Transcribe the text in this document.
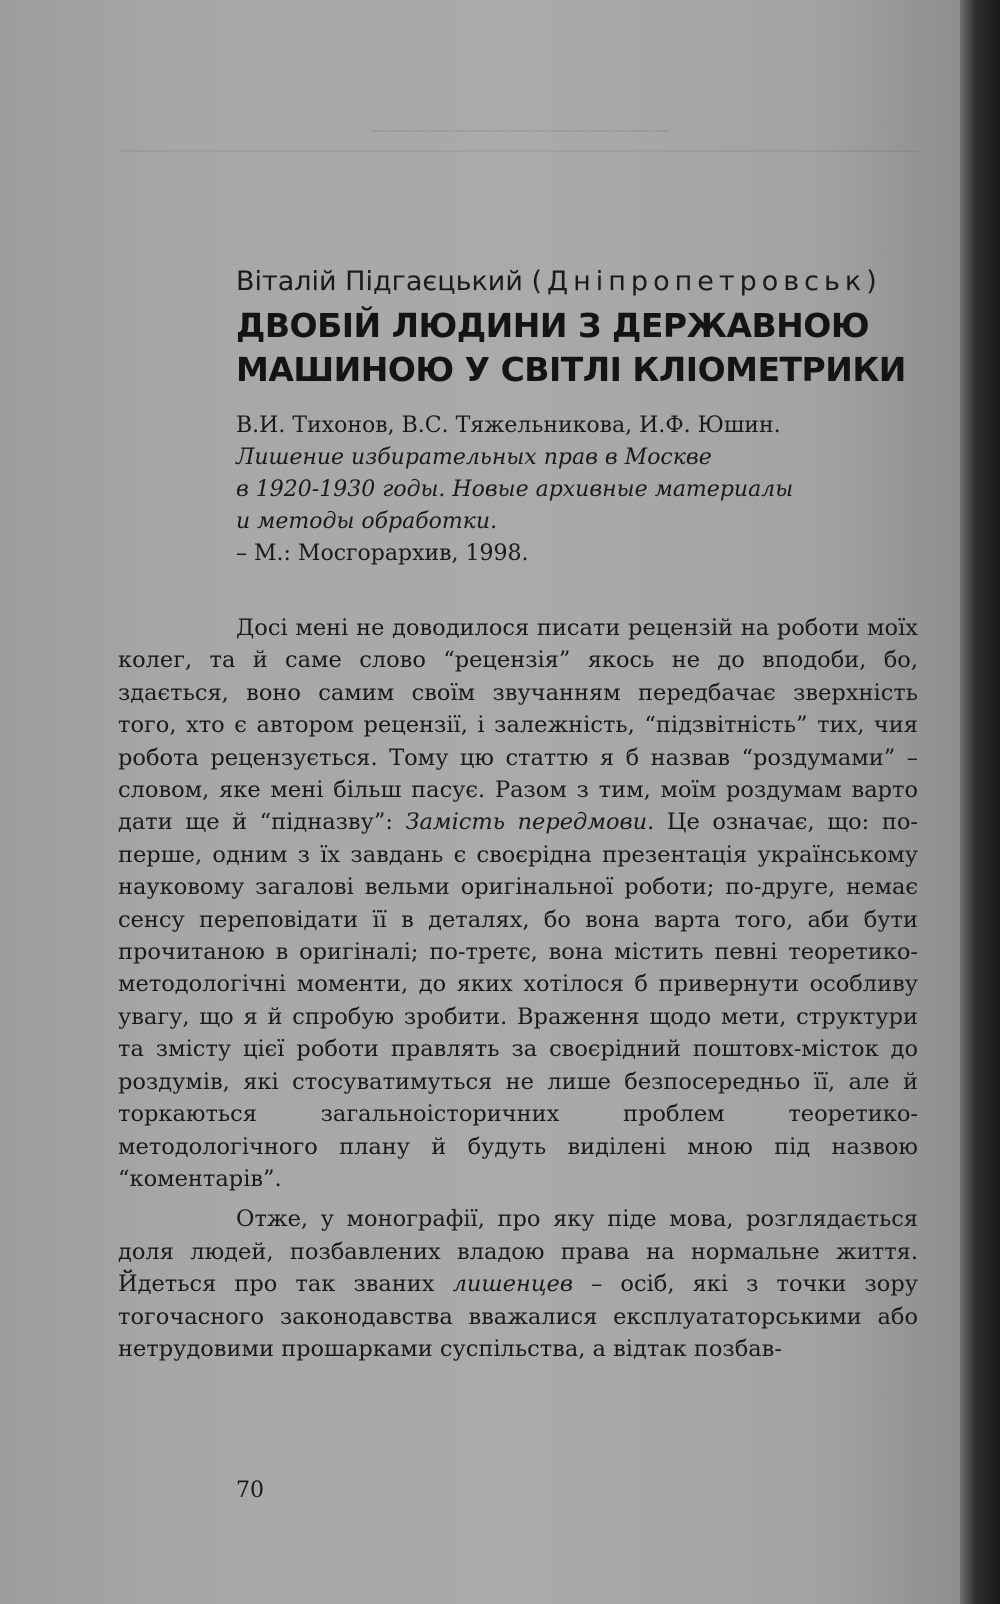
———————————————
Віталій Підгаєцький (Дніпропетровськ)
ДВОБІЙ ЛЮДИНИ З ДЕРЖАВНОЮ
МАШИНОЮ У СВІТЛІ КЛІОМЕТРИКИ
В.И. Тихонов, В.С. Тяжельникова, И.Ф. Юшин.
Лишение избирательных прав в Москве
в 1920-1930 годы. Новые архивные материалы
и методы обработки.
– М.: Мосгорархив, 1998.

Досі мені не доводилося писати рецензій на роботи моїх колег, та й саме слово “рецензія” якось не до вподоби, бо, здається, воно самим своїм звучанням передбачає зверхність того, хто є автором рецензії, і залежність, “підзвітність” тих, чия робота рецензується. Тому цю статтю я б назвав “роздумами” – словом, яке мені більш пасує. Разом з тим, моїм роздумам варто дати ще й “підназву”: Замість передмови. Це означає, що: по-перше, одним з їх завдань є своєрідна презентація українському науковому загалові вельми оригінальної роботи; по-друге, немає сенсу переповідати її в деталях, бо вона варта того, аби бути прочитаною в оригіналі; по-третє, вона містить певні теоретико-методологічні моменти, до яких хотілося б привернути особливу увагу, що я й спробую зробити. Враження щодо мети, структури та змісту цієї роботи правлять за своєрідний поштовх-місток до роздумів, які стосуватимуться не лише безпосередньо її, але й торкаються загальноісторичних проблем теоретико-методологічного плану й будуть виділені мною під назвою “коментарів”.

Отже, у монографії, про яку піде мова, розглядається доля людей, позбавлених владою права на нормальне життя. Йдеться про так званих лишенцев – осіб, які з точки зору тогочасного законодавства вважалися експлуататорськими або нетрудовими прошарками суспільства, а відтак позбав-

70
